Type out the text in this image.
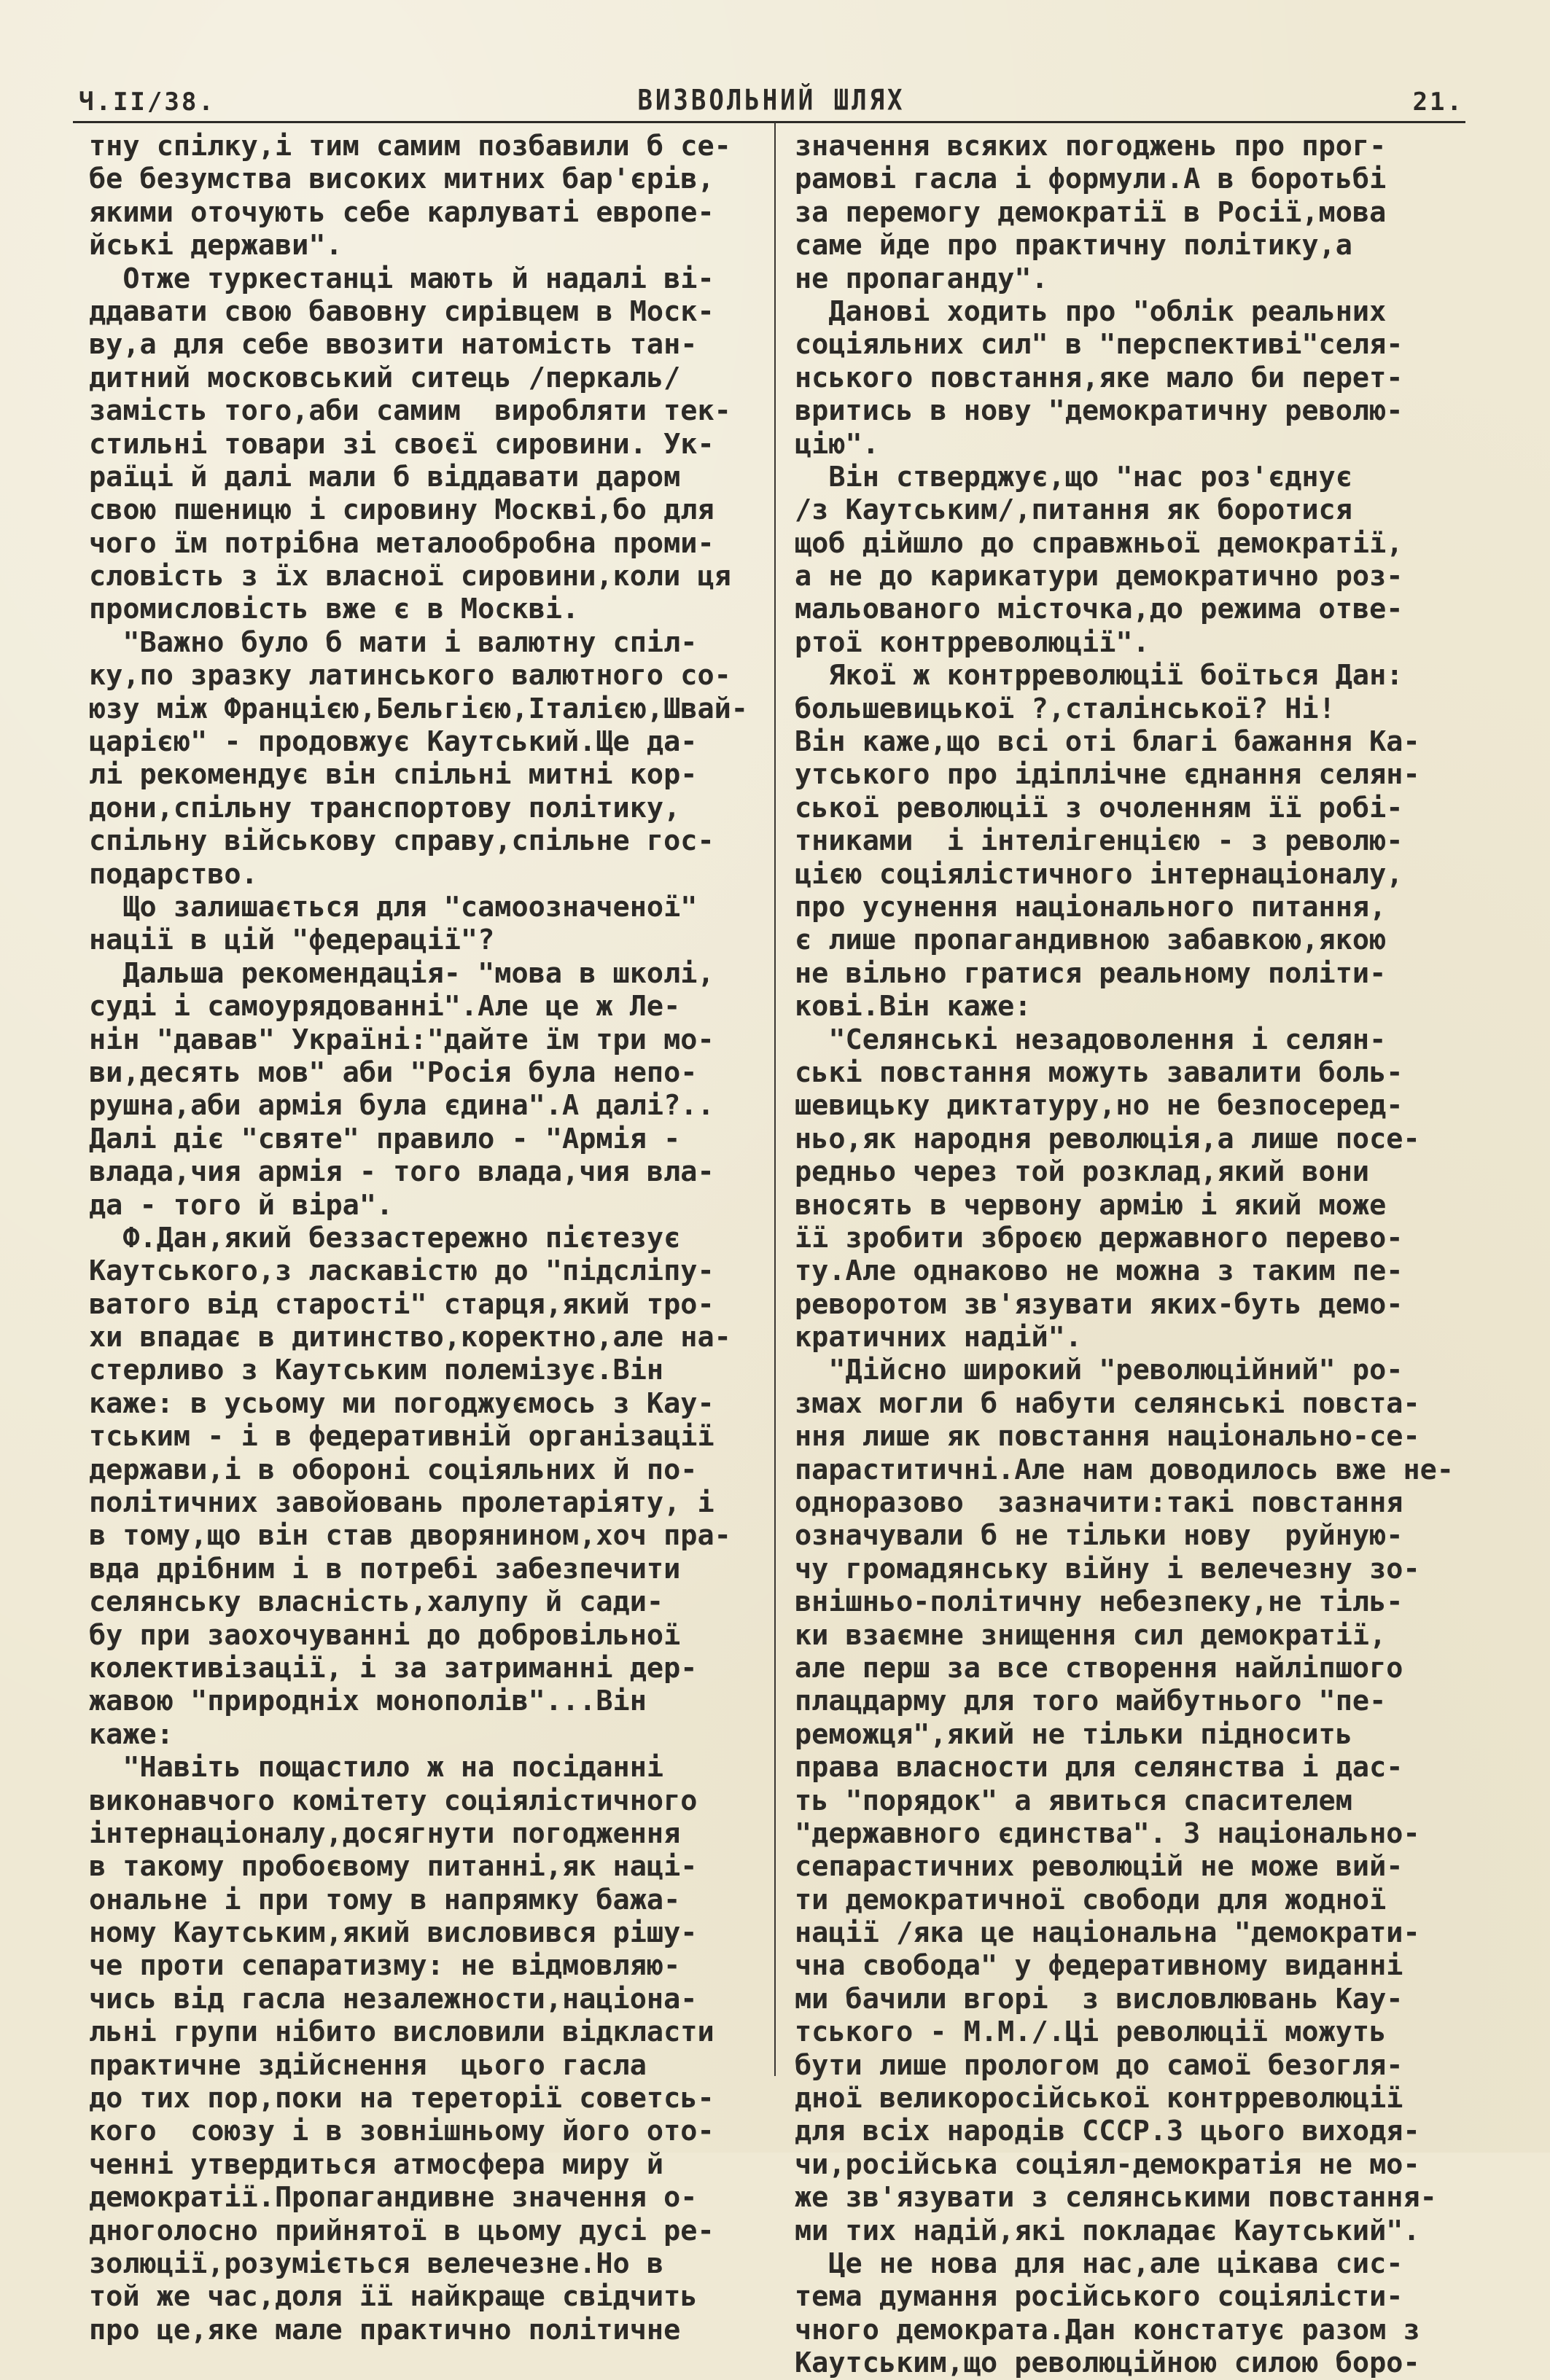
Ч.II/38.	ВИЗВОЛЬНИЙ ШЛЯХ	21.
тну спілку,і тим самим позбавили б се-
бе безумства високих митних бар'єрів,
якими оточують себе карлуваті европе-
йські держави".
Отже туркестанці мають й надалі ві-
ддавати свою бавовну сирівцем в Моск-
ву,а для себе ввозити натомість тан-
дитний московський ситець /перкаль/
замість того,аби самим  виробляти тек-
стильні товари зі своєї сировини. Ук-
раїці й далі мали б віддавати даром
свою пшеницю і сировину Москві,бо для
чого їм потрібна металообробна проми-
словість з їх власної сировини,коли ця
промисловість вже є в Москві.
"Важно було б мати і валютну спіл-
ку,по зразку латинського валютного со-
юзу між Францією,Бельгією,Італією,Швай-
царією" - продовжує Каутський.Ще да-
лі рекомендує він спільні митні кор-
дони,спільну транспортову політику,
спільну військову справу,спільне гос-
подарство.
Що залишається для "самоозначеної"
нації в цій "федерації"?
Дальша рекомендація- "мова в школі,
суді і самоурядованні".Але це ж Ле-
нін "давав" Україні:"дайте їм три мо-
ви,десять мов" аби "Росія була непо-
рушна,аби армія була єдина".А далі?..
Далі діє "святе" правило - "Армія -
влада,чия армія - того влада,чия вла-
да - того й віра".
Ф.Дан,який беззастережно пієтезує
Каутського,з ласкавістю до "підсліпу-
ватого від старості" старця,який тро-
хи впадає в дитинство,коректно,але на-
стерливо з Каутським полемізує.Він
каже: в усьому ми погоджуємось з Кау-
тським - і в федеративній організації
держави,і в обороні соціяльних й по-
політичних завойовань пролетаріяту, і
в тому,що він став дворянином,хоч пра-
вда дрібним і в потребі забезпечити
селянську власність,халупу й сади-
бу при заохочуванні до добровільної
колективізації, і за затриманні дер-
жавою "природніх монополів"...Він
каже:
"Навіть пощастило ж на посіданні
виконавчого комітету соціялістичного
інтернаціоналу,досягнути погодження
в такому пробоєвому питанні,як наці-
ональне і при тому в напрямку бажа-
ному Каутським,який висловився рішу-
че проти сепаратизму: не відмовляю-
чись від гасла незалежности,націона-
льні групи нібито висловили відкласти
практичне здійснення  цього гасла
до тих пор,поки на тереторії советсь-
кого  союзу і в зовнішньому його ото-
ченні утвердиться атмосфера миру й
демократії.Пропагандивне значення о-
дноголосно прийнятої в цьому дусі ре-
золюції,розуміється велечезне.Но в
той же час,доля її найкраще свідчить
про це,яке мале практично політичне
значення всяких погоджень про прог-
рамові гасла і формули.А в боротьбі
за перемогу демократії в Росії,мова
саме йде про практичну політику,а
не пропаганду".
Данові ходить про "облік реальних
соціяльних сил" в "перспективі"селя-
нського повстання,яке мало би перет-
вритись в нову "демократичну револю-
цію".
Він стверджує,що "нас роз'єднує
/з Каутським/,питання як боротися
щоб дійшло до справжньої демократії,
а не до карикатури демократично роз-
мальованого місточка,до режима отве-
ртої контрреволюції".
Якої ж контрреволюції боїться Дан:
большевицької ?,сталінської? Ні!
Він каже,що всі оті благі бажання Ка-
утського про ідіплічне єднання селян-
ської революції з очоленням її робі-
тниками  і інтелігенцією - з револю-
цією соціялістичного інтернаціоналу,
про усунення національного питання,
є лише пропагандивною забавкою,якою
не вільно гратися реальному політи-
кові.Він каже:
"Селянські незадоволення і селян-
ські повстання можуть завалити боль-
шевицьку диктатуру,но не безпосеред-
ньо,як народня революція,а лише посе-
редньо через той розклад,який вони
вносять в червону армію і який може
її зробити зброєю державного перево-
ту.Але однаково не можна з таким пе-
реворотом зв'язувати яких-буть демо-
кратичних надій".
"Дійсно широкий "революційний" ро-
змах могли б набути селянські повста-
ння лише як повстання національно-се-
параститичні.Але нам доводилось вже не-
одноразово  зазначити:такі повстання
означували б не тільки нову  руйную-
чу громадянську війну і велечезну зо-
внішньо-політичну небезпеку,не тіль-
ки взаємне знищення сил демократії,
але перш за все створення найліпшого
плацдарму для того майбутнього "пе-
реможця",який не тільки підносить
права власности для селянства і дас-
ть "порядок" а явиться спасителем
"державного єдинства". З національно-
сепарастичних революцій не може вий-
ти демократичної свободи для жодної
нації /яка це національна "демократи-
чна свобода" у федеративному виданні
ми бачили вгорі  з висловлювань Кау-
тського - М.М./.Ці революції можуть
бути лише прологом до самої безогля-
дної великоросійської контрреволюції
для всіх народів СССР.З цього виходя-
чи,російська соціял-демократія не мо-
же зв'язувати з селянськими повстання-
ми тих надій,які покладає Каутський".
Це не нова для нас,але цікава сис-
тема думання російського соціялісти-
чного демократа.Дан констатує разом з
Каутським,що революційною силою боро-
